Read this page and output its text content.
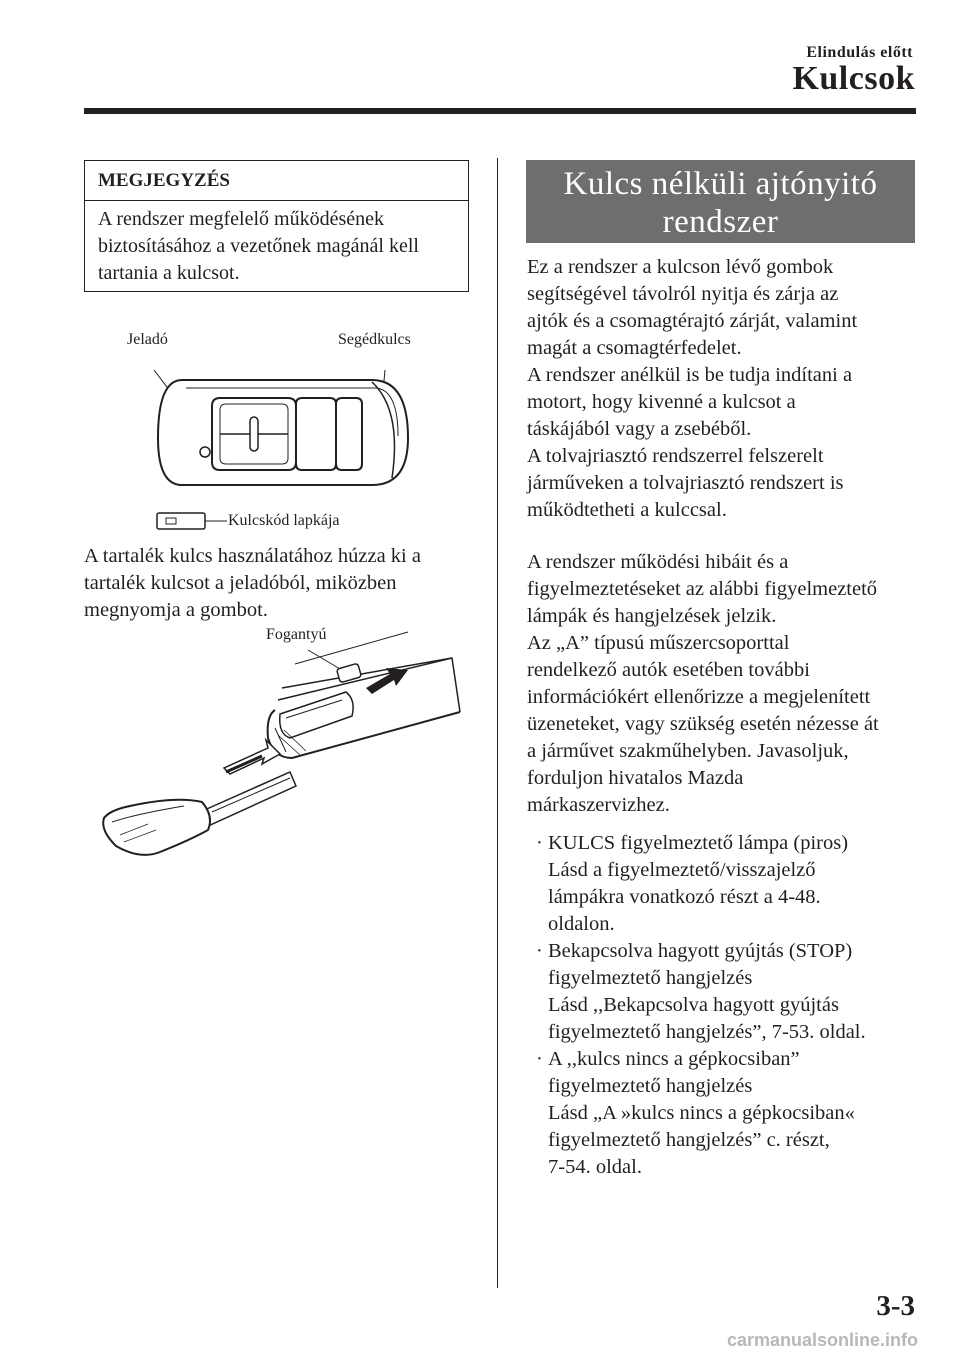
Elindulás előtt
Kulcsok
MEGJEGYZÉS
A rendszer megfelelő működésének
biztosításához a vezetőnek magánál kell
tartania a kulcsot.
Jeladó	Segédkulcs
Kulcskód lapkája
A tartalék kulcs használatához húzza ki a
tartalék kulcsot a jeladóból, miközben
megnyomja a gombot.
Fogantyú
Kulcs nélküli ajtónyitó
rendszer
Ez a rendszer a kulcson lévő gombok
segítségével távolról nyitja és zárja az
ajtók és a csomagtérajtó zárját, valamint
magát a csomagtérfedelet.
A rendszer anélkül is be tudja indítani a
motort, hogy kivenné a kulcsot a
táskájából vagy a zsebéből.
A tolvajriasztó rendszerrel felszerelt
járműveken a tolvajriasztó rendszert is
működtetheti a kulccsal.
A rendszer működési hibáit és a
figyelmeztetéseket az alábbi figyelmeztető
lámpák és hangjelzések jelzik.
Az „A” típusú műszercsoporttal
rendelkező autók esetében további
információkért ellenőrizze a megjelenített
üzeneteket, vagy szükség esetén nézesse át
a járművet szakműhelyben. Javasoljuk,
forduljon hivatalos Mazda
márkaszervizhez.
· KULCS figyelmeztető lámpa (piros)
Lásd a figyelmeztető/visszajelző
lámpákra vonatkozó részt a 4-48.
oldalon.
· Bekapcsolva hagyott gyújtás (STOP)
figyelmeztető hangjelzés
Lásd ,,Bekapcsolva hagyott gyújtás
figyelmeztető hangjelzés”, 7-53. oldal.
· A ,,kulcs nincs a gépkocsiban”
figyelmeztető hangjelzés
Lásd „A »kulcs nincs a gépkocsiban«
figyelmeztető hangjelzés” c. részt,
7-54. oldal.
3-3
carmanualsonline.info
